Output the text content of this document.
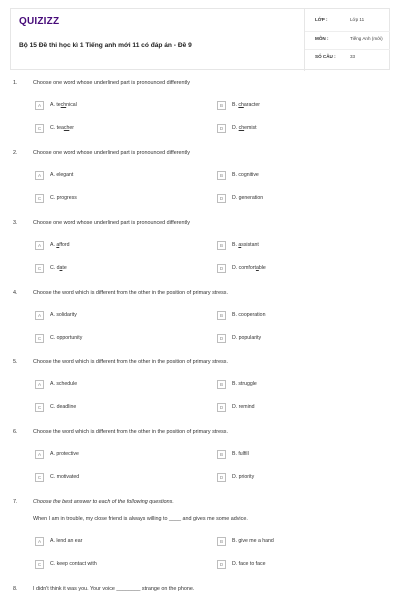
QUIZIZZ
Bộ 15 Đề thi học kì 1 Tiếng anh mới 11 có đáp án - Đề 9
LỚP :	Lớp 11
MÔN :	Tiếng Anh (mới)
SỐ CÂU :	33
1.	Choose one word whose underlined part is pronounced differently
A	A. technical	B	B. character
C	C. teacher	D	D. chemist
2.	Choose one word whose underlined part is pronounced differently
A	A. elegant	B	B. cognitive
C	C. progress	D	D. generation
3.	Choose one word whose underlined part is pronounced differently
A	A. afford	B	B. assistant
C	C. date	D	D. comfortable
4.	Choose the word which is different from the other in the position of primary stress.
A	A. solidarity	B	B. cooperation
C	C. opportunity	D	D. popularity
5.	Choose the word which is different from the other in the position of primary stress.
A	A. schedule	B	B. struggle
C	C. deadline	D	D. remind
6.	Choose the word which is different from the other in the position of primary stress.
A	A. protective	B	B. fulfill
C	C. motivated	D	D. priority
7.	Choose the best answer to each of the following questions.
When I am in trouble, my close friend is always willing to ____ and gives me some advice.
A	A. lend an ear	B	B. give me a hand
C	C. keep contact with	D	D. face to face
8.	I didn't think it was you. Your voice ________ strange on the phone.
